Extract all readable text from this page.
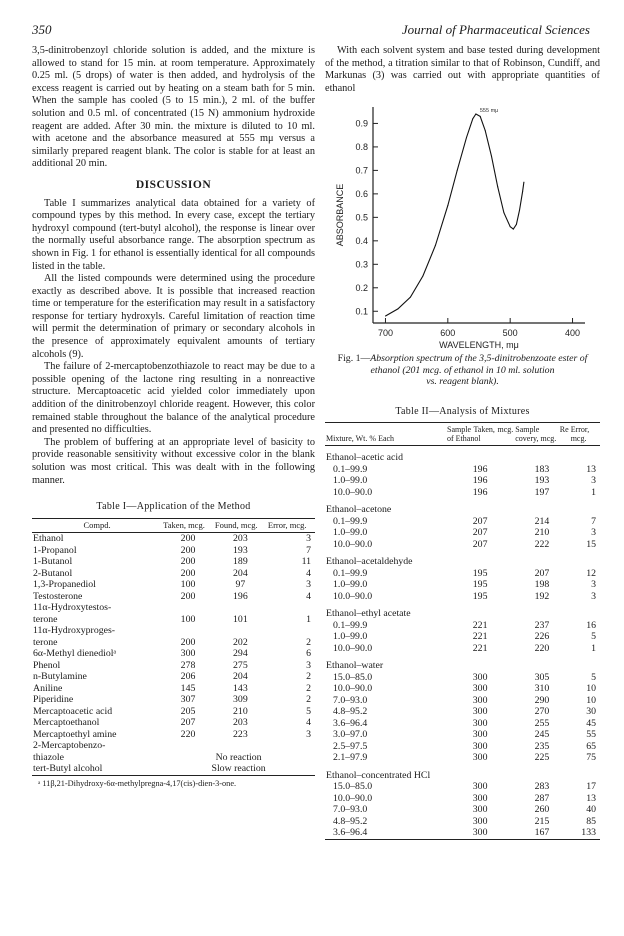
350	Journal of Pharmaceutical Sciences

3,5-dinitrobenzoyl chloride solution is added, and the mixture is allowed to stand for 15 min. at room temperature. Approximately 0.25 ml. (5 drops) of water is then added, and hydrolysis of the excess reagent is carried out by heating on a steam bath for 5 min. When the sample has cooled (5 to 15 min.), 2 ml. of the buffer solution and 0.5 ml. of concentrated (15 N) ammonium hydroxide reagent are added. After 30 min. the mixture is diluted to 10 ml. with acetone and the absorbance measured at 555 mμ versus a similarly prepared reagent blank. The color is stable for at least an additional 20 min.

DISCUSSION

Table I summarizes analytical data obtained for a variety of compound types by this method. In every case, except the tertiary hydroxyl compound (tert-butyl alcohol), the response is linear over the normally useful absorbance range. The absorption spectrum as shown in Fig. 1 for ethanol is essentially identical for all compounds listed in the table.

All the listed compounds were determined using the procedure exactly as described above. It is possible that increased reaction time or temperature for the esterification may result in a satisfactory response for tertiary hydroxyls. Careful limitation of reaction time will permit the determination of primary or secondary alcohols in the presence of approximately equivalent amounts of tertiary alcohols (9).

The failure of 2-mercaptobenzothiazole to react may be due to a possible opening of the lactone ring resulting in a nonreactive structure. Mercaptoacetic acid yielded color immediately upon addition of the dinitrobenzoyl chloride reagent. However, this color remained stable throughout the balance of the analytical procedure and presented no difficulties.

The problem of buffering at an appropriate level of basicity to provide reasonable sensitivity without excessive color in the blank solution was most critical. This was dealt with in the following manner.

Table I—Application of the Method
Compd.	Taken, mcg.	Found, mcg.	Error, mcg.
Ethanol	200	203	3
1-Propanol	200	193	7
1-Butanol	200	189	11
2-Butanol	200	204	4
1,3-Propanediol	100	97	3
Testosterone	200	196	4
11α-Hydroxytestos-			
terone	100	101	1
11α-Hydroxyproges-			
terone	200	202	2
6α-Methyl dienediolᵃ	300	294	6
Phenol	278	275	3
n-Butylamine	206	204	2
Aniline	145	143	2
Piperidine	307	309	2
Mercaptoacetic acid	205	210	5
Mercaptoethanol	207	203	4
Mercaptoethyl amine	220	223	3
2-Mercaptobenzo-			
thiazole	No reaction		
tert-Butyl alcohol	Slow reaction		
ᵃ 11β,21-Dihydroxy-6α-methylpregna-4,17(cis)-dien-3-one.

With each solvent system and base tested during development of the method, a titration similar to that of Robinson, Cundiff, and Markunas (3) was carried out with appropriate quantities of ethanol

0.1
0.2
0.3
0.4
0.5
0.6
0.7
0.8
0.9
700	600	500	400
WAVELENGTH, mμ
ABSORBANCE
555 mμ
Fig. 1—Absorption spectrum of the 3,5-dinitrobenzoate ester of ethanol (201 mcg. of ethanol in 10 ml. solution
vs. reagent blank).
Table II—Analysis of Mixtures
Mixture, Wt. % Each	Sample Taken, mcg. of Ethanol	Sample Re covery, mcg.	Error, mcg.
Ethanol–acetic acid			
0.1–99.9	196	183	13
1.0–99.0	196	193	3
10.0–90.0	196	197	1
Ethanol–acetone			
0.1–99.9	207	214	7
1.0–99.0	207	210	3
10.0–90.0	207	222	15
Ethanol–acetaldehyde			
0.1–99.9	195	207	12
1.0–99.0	195	198	3
10.0–90.0	195	192	3
Ethanol–ethyl acetate			
0.1–99.9	221	237	16
1.0–99.0	221	226	5
10.0–90.0	221	220	1
Ethanol–water			
15.0–85.0	300	305	5
10.0–90.0	300	310	10
7.0–93.0	300	290	10
4.8–95.2	300	270	30
3.6–96.4	300	255	45
3.0–97.0	300	245	55
2.5–97.5	300	235	65
2.1–97.9	300	225	75
Ethanol–concentrated HCl			
15.0–85.0	300	283	17
10.0–90.0	300	287	13
7.0–93.0	300	260	40
4.8–95.2	300	215	85
3.6–96.4	300	167	133
